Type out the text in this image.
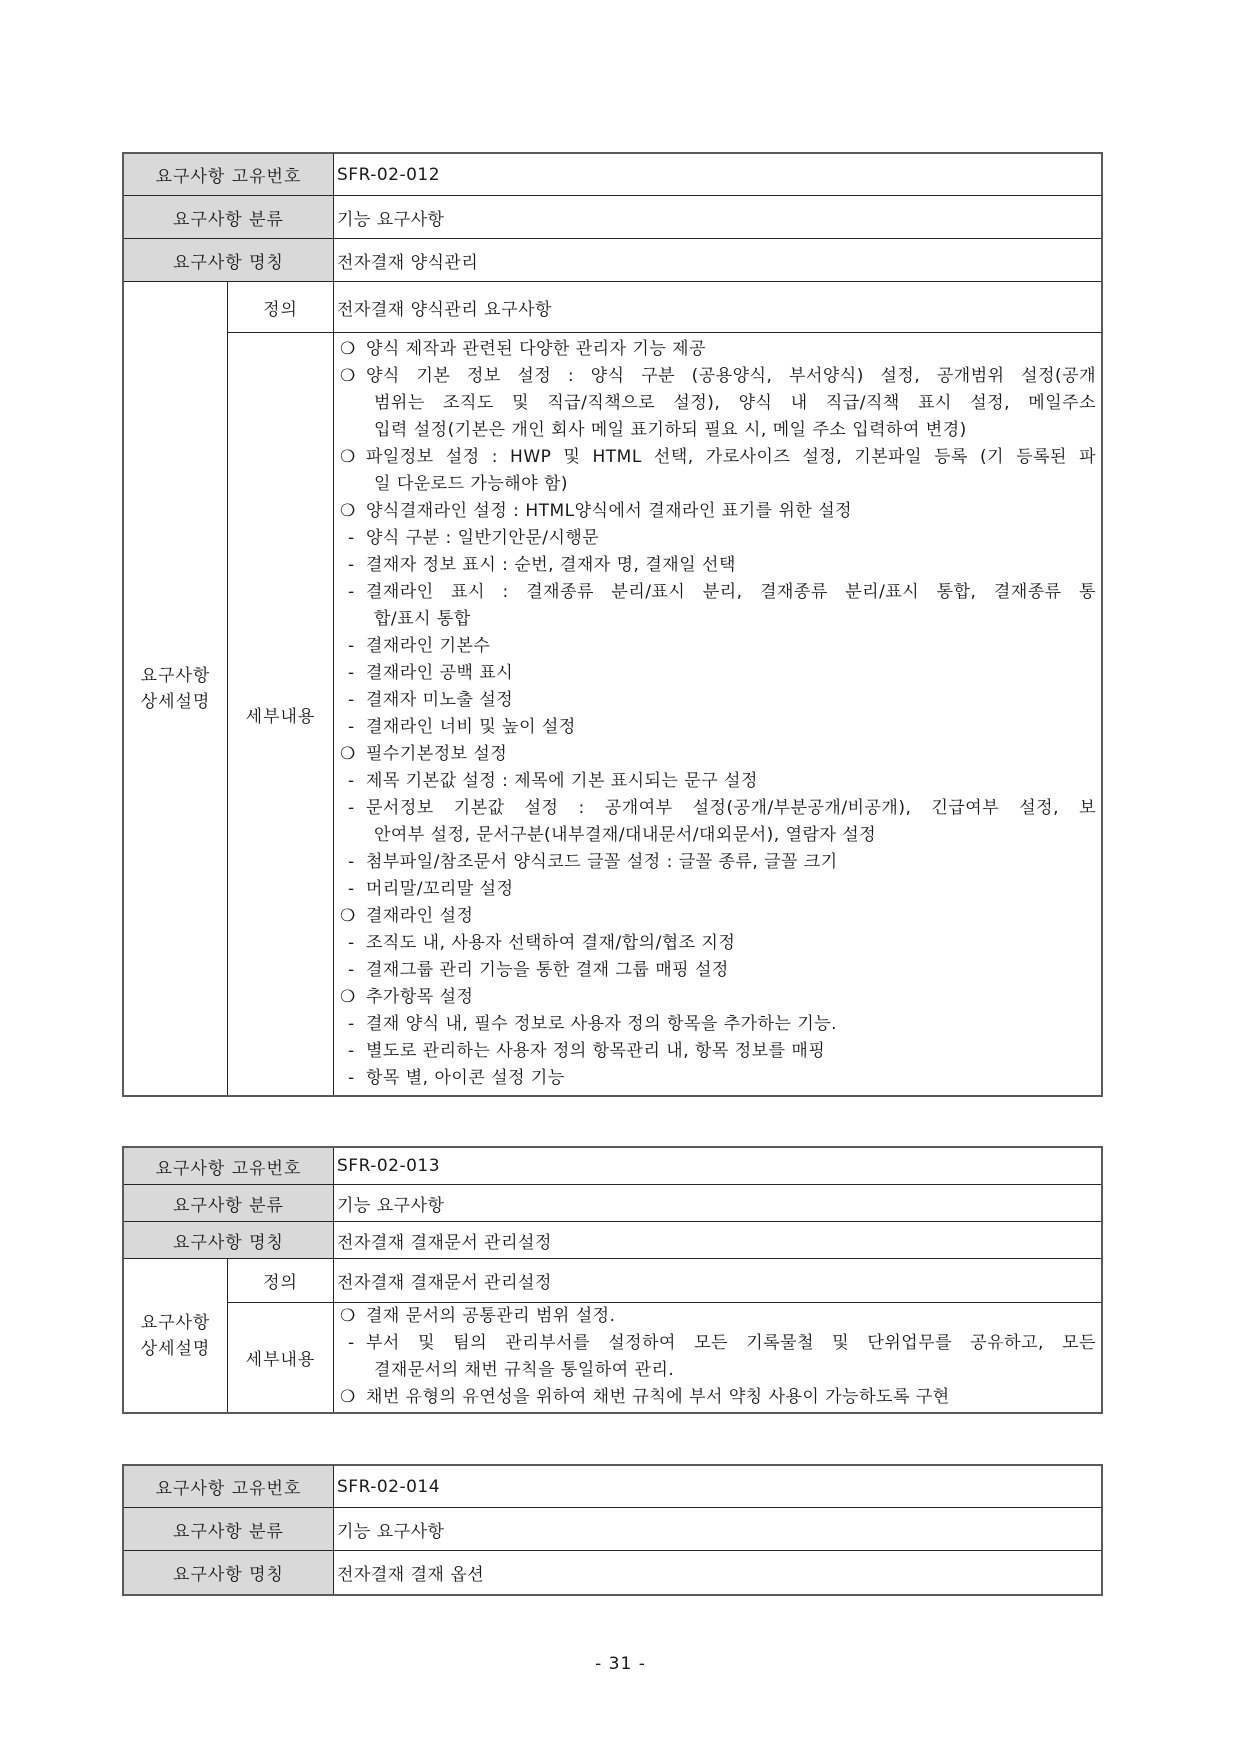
요구사항 고유번호	SFR-02-012
요구사항 분류	기능 요구사항
요구사항 명칭	전자결재 양식관리
요구사항
상세설명
정의	전자결재 양식관리 요구사항
세부내용
❍ 양식 제작과 관련된 다양한 관리자 기능 제공
❍ 양식 기본 정보 설정 : 양식 구분 (공용양식, 부서양식) 설정, 공개범위 설정(공개
범위는 조직도 및 직급/직책으로 설정), 양식 내 직급/직책 표시 설정, 메일주소
입력 설정(기본은 개인 회사 메일 표기하되 필요 시, 메일 주소 입력하여 변경)
❍ 파일정보 설정 : HWP 및 HTML 선택, 가로사이즈 설정, 기본파일 등록 (기 등록된 파
일 다운로드 가능해야 함)
❍ 양식결재라인 설정 : HTML양식에서 결재라인 표기를 위한 설정
- 양식 구분 : 일반기안문/시행문
- 결재자 정보 표시 : 순번, 결재자 명, 결재일 선택
- 결재라인 표시 : 결재종류 분리/표시 분리, 결재종류 분리/표시 통합, 결재종류 통
합/표시 통합
- 결재라인 기본수
- 결재라인 공백 표시
- 결재자 미노출 설정
- 결재라인 너비 및 높이 설정
❍ 필수기본정보 설정
- 제목 기본값 설정 : 제목에 기본 표시되는 문구 설정
- 문서정보 기본값 설정 : 공개여부 설정(공개/부분공개/비공개), 긴급여부 설정, 보
안여부 설정, 문서구분(내부결재/대내문서/대외문서), 열람자 설정
- 첨부파일/참조문서 양식코드 글꼴 설정 : 글꼴 종류, 글꼴 크기
- 머리말/꼬리말 설정
❍ 결재라인 설정
- 조직도 내, 사용자 선택하여 결재/합의/협조 지정
- 결재그룹 관리 기능을 통한 결재 그룹 매핑 설정
❍ 추가항목 설정
- 결재 양식 내, 필수 정보로 사용자 정의 항목을 추가하는 기능.
- 별도로 관리하는 사용자 정의 항목관리 내, 항목 정보를 매핑
- 항목 별, 아이콘 설정 기능
요구사항 고유번호	SFR-02-013
요구사항 분류	기능 요구사항
요구사항 명칭	전자결재 결재문서 관리설정
요구사항
상세설명
정의	전자결재 결재문서 관리설정
세부내용
❍ 결재 문서의 공통관리 범위 설정.
- 부서 및 팀의 관리부서를 설정하여 모든 기록물철 및 단위업무를 공유하고, 모든
결재문서의 채번 규칙을 통일하여 관리.
❍ 채번 유형의 유연성을 위하여 채번 규칙에 부서 약칭 사용이 가능하도록 구현
요구사항 고유번호	SFR-02-014
요구사항 분류	기능 요구사항
요구사항 명칭	전자결재 결재 옵션
- 31 -
